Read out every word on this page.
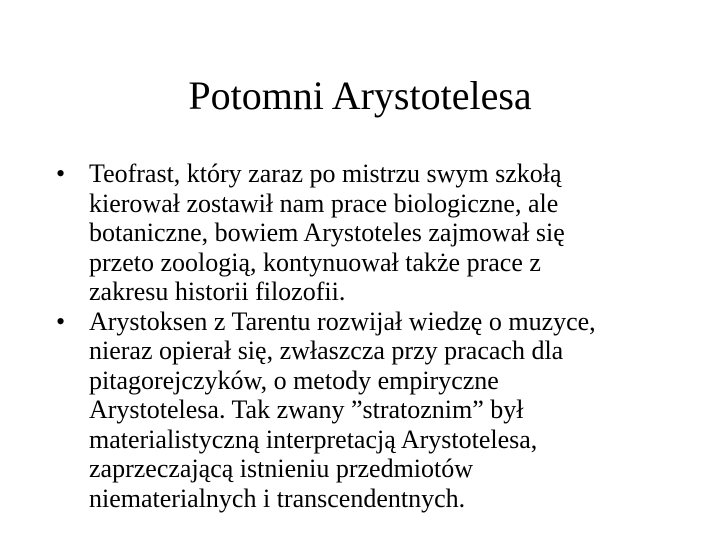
Potomni Arystotelesa
• Teofrast, który zaraz po mistrzu swym szkołą
kierował zostawił nam prace biologiczne, ale
botaniczne, bowiem Arystoteles zajmował się
przeto zoologią, kontynuował także prace z
zakresu historii filozofii.
• Arystoksen z Tarentu rozwijał wiedzę o muzyce,
nieraz opierał się, zwłaszcza przy pracach dla
pitagorejczyków, o metody empiryczne
Arystotelesa. Tak zwany ”stratoznim” był
materialistyczną interpretacją Arystotelesa,
zaprzeczającą istnieniu przedmiotów
niematerialnych i transcendentnych.
